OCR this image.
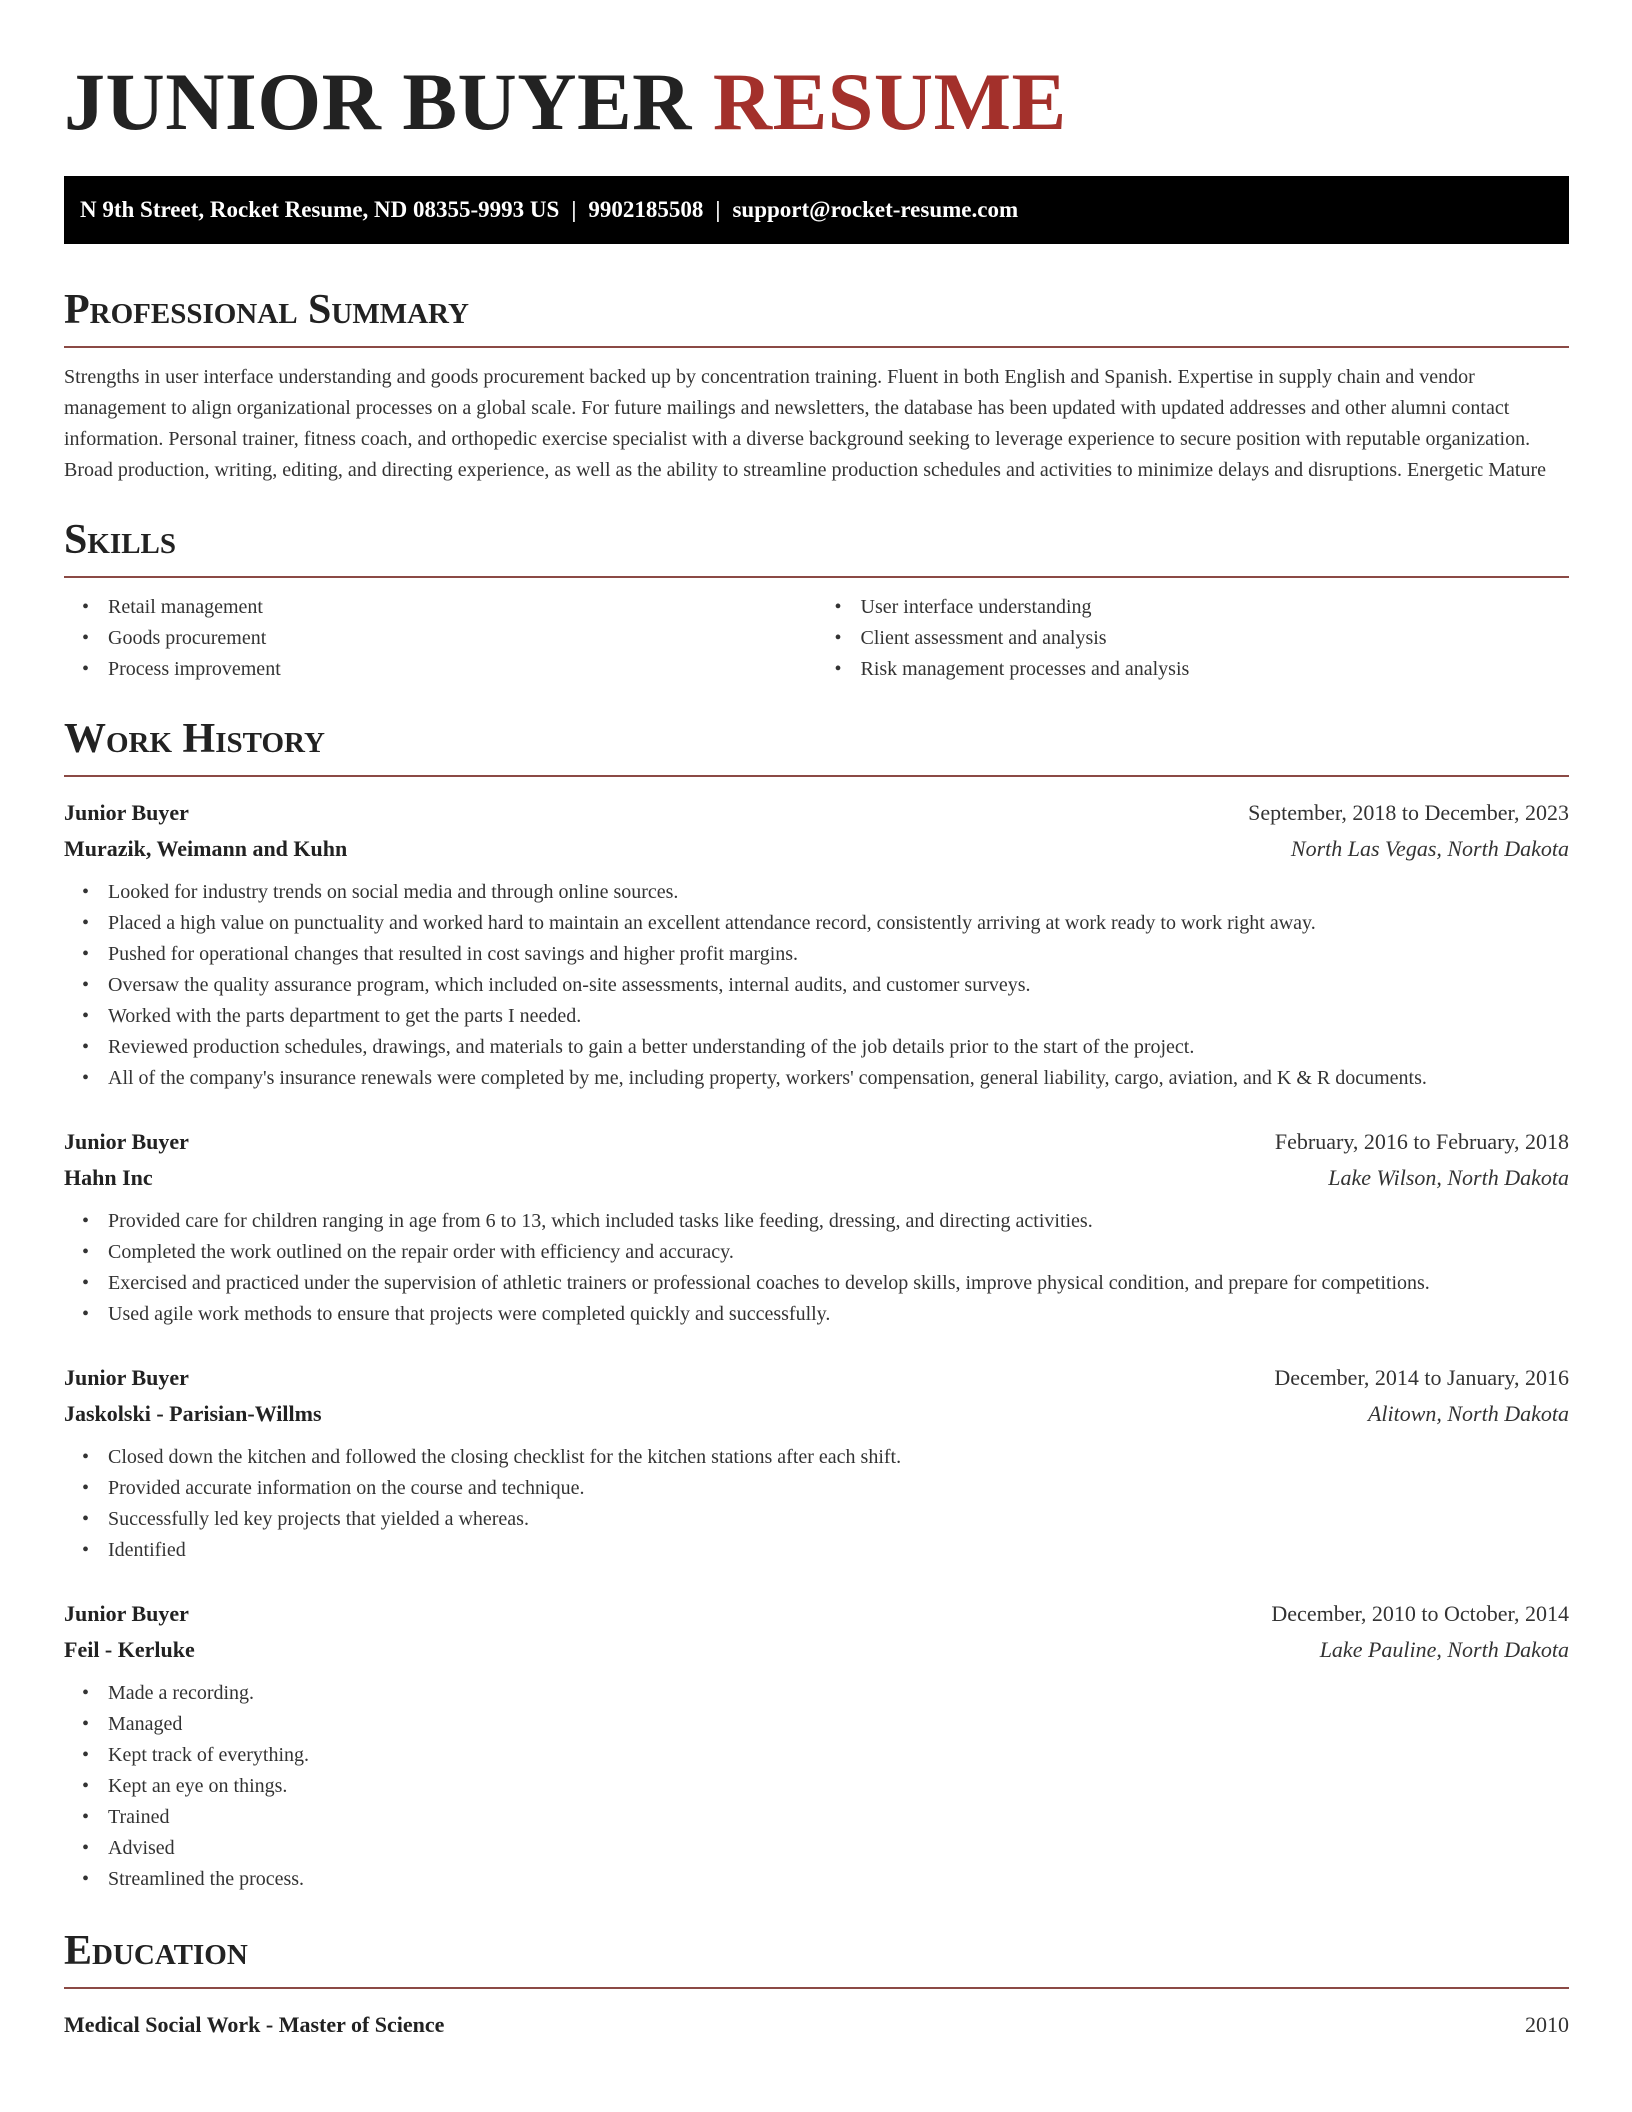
JUNIOR BUYER RESUME
N 9th Street, Rocket Resume, ND 08355-9993 US | 9902185508 | support@rocket-resume.com
Professional Summary

Strengths in user interface understanding and goods procurement backed up by concentration training. Fluent in both English and Spanish. Expertise in supply chain and vendor management to align organizational processes on a global scale. For future mailings and newsletters, the database has been updated with updated addresses and other alumni contact information. Personal trainer, fitness coach, and orthopedic exercise specialist with a diverse background seeking to leverage experience to secure position with reputable organization. Broad production, writing, editing, and directing experience, as well as the ability to streamline production schedules and activities to minimize delays and disruptions. Energetic Mature

Skills
• Retail management
• Goods procurement
• Process improvement
• User interface understanding
• Client assessment and analysis
• Risk management processes and analysis
Work History
Junior Buyer	September, 2018 to December, 2023
Murazik, Weimann and Kuhn	North Las Vegas, North Dakota
• Looked for industry trends on social media and through online sources.
• Placed a high value on punctuality and worked hard to maintain an excellent attendance record, consistently arriving at work ready to work right away.
• Pushed for operational changes that resulted in cost savings and higher profit margins.
• Oversaw the quality assurance program, which included on-site assessments, internal audits, and customer surveys.
• Worked with the parts department to get the parts I needed.
• Reviewed production schedules, drawings, and materials to gain a better understanding of the job details prior to the start of the project.
• All of the company's insurance renewals were completed by me, including property, workers' compensation, general liability, cargo, aviation, and K & R documents.
Junior Buyer	February, 2016 to February, 2018
Hahn Inc	Lake Wilson, North Dakota
• Provided care for children ranging in age from 6 to 13, which included tasks like feeding, dressing, and directing activities.
• Completed the work outlined on the repair order with efficiency and accuracy.
• Exercised and practiced under the supervision of athletic trainers or professional coaches to develop skills, improve physical condition, and prepare for competitions.
• Used agile work methods to ensure that projects were completed quickly and successfully.
Junior Buyer	December, 2014 to January, 2016
Jaskolski - Parisian-Willms	Alitown, North Dakota
• Closed down the kitchen and followed the closing checklist for the kitchen stations after each shift.
• Provided accurate information on the course and technique.
• Successfully led key projects that yielded a whereas.
• Identified
Junior Buyer	December, 2010 to October, 2014
Feil - Kerluke	Lake Pauline, North Dakota
• Made a recording.
• Managed
• Kept track of everything.
• Kept an eye on things.
• Trained
• Advised
• Streamlined the process.
Education
Medical Social Work - Master of Science	2010
